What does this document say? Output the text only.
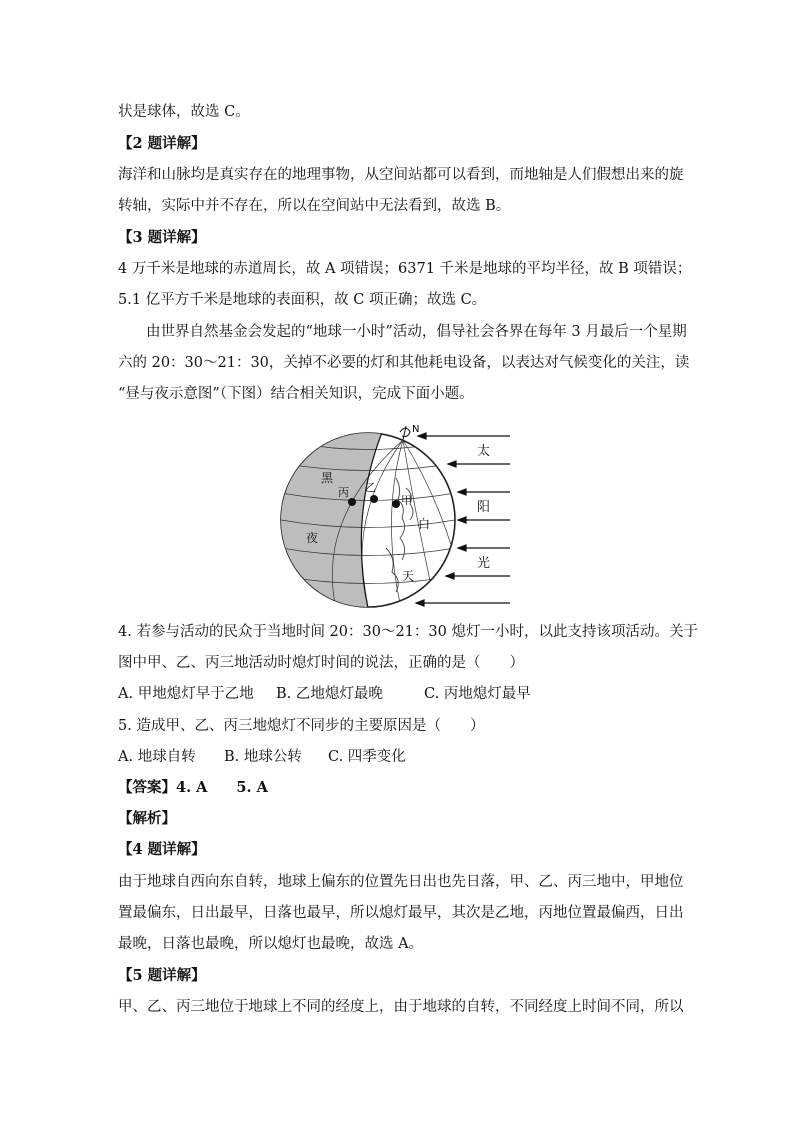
状是球体，故选 C。
【2 题详解】
海洋和山脉均是真实存在的地理事物，从空间站都可以看到，而地轴是人们假想出来的旋
转轴，实际中并不存在，所以在空间站中无法看到，故选 B。
【3 题详解】
4 万千米是地球的赤道周长，故 A 项错误；6371 千米是地球的平均半径，故 B 项错误；
5.1 亿平方千米是地球的表面积，故 C 项正确；故选 C。
由世界自然基金会发起的“地球一小时”活动，倡导社会各界在每年 3 月最后一个星期
六的 20：30～21：30，关掉不必要的灯和其他耗电设备，以表达对气候变化的关注，读
“昼与夜示意图”（下图）结合相关知识，完成下面小题。
N
太
阳
光
黑
夜
白
天
丙 乙
甲
4. 若参与活动的民众于当地时间 20：30～21：30 熄灯一小时，以此支持该项活动。关于
图中甲、乙、丙三地活动时熄灯时间的说法，正确的是（　　）
A. 甲地熄灯早于乙地 B. 乙地熄灯最晚	C. 丙地熄灯最早
5. 造成甲、乙、丙三地熄灯不同步的主要原因是（　　）
A. 地球自转 B. 地球公转 C. 四季变化
【答案】4. A　　5. A
【解析】
【4 题详解】
由于地球自西向东自转，地球上偏东的位置先日出也先日落，甲、乙、丙三地中，甲地位
置最偏东，日出最早，日落也最早，所以熄灯最早，其次是乙地，丙地位置最偏西，日出
最晚，日落也最晚，所以熄灯也最晚，故选 A。
【5 题详解】
甲、乙、丙三地位于地球上不同的经度上，由于地球的自转，不同经度上时间不同，所以
